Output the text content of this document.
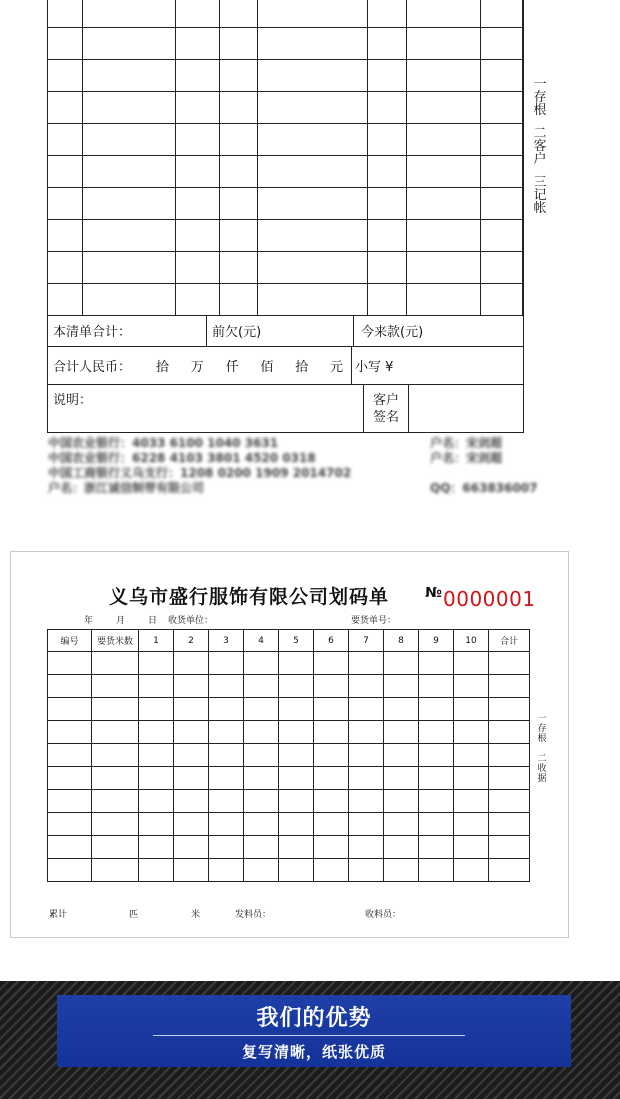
本清单合计：	前欠(元)	今来款(元)
合计人民币：	拾 万 仟 佰 拾 元 小写 ¥
说明：	客户
签名
一存根
二客户
三记帐
中国农业银行：4033 6100 1040 3631	户名：宋剑超
中国农业银行：6228 4103 3801 4520 0318	户名：宋剑超
中国工商银行义乌支行：1208 0200 1909 2014702
户名：浙江诚信制带有限公司	QQ：663836007
义乌市盛行服饰有限公司划码单	№ 0000001
年	月	日 收货单位：	要货单号：
编号	要货米数	1	2	3	4	5	6	7	8	9	10	合计
一存根
二收据
累计	匹	米	发料员：	收料员：
我们的优势
复写清晰，纸张优质
